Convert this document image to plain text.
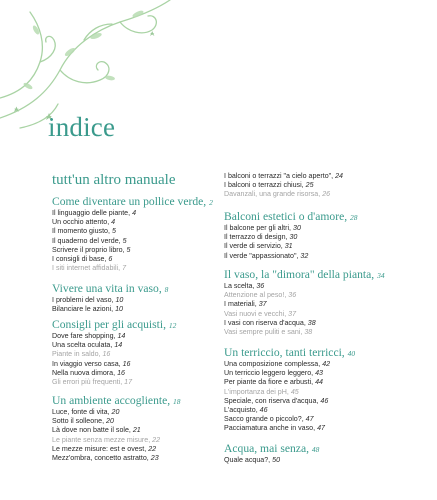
indice
tutt'un altro manuale
Come diventare un pollice verde, 2
Il linguaggio delle piante, 4
Un occhio attento, 4
Il momento giusto, 5
Il quaderno del verde, 5
Scrivere il proprio libro, 5
I consigli di base, 6
I siti internet affidabili, 7
Vivere una vita in vaso, 8
I problemi del vaso, 10
Bilanciare le azioni, 10
Consigli per gli acquisti, 12
Dove fare shopping, 14
Una scelta oculata, 14
Piante in saldo, 16
In viaggio verso casa, 16
Nella nuova dimora, 16
Gli errori più frequenti, 17
Un ambiente accogliente, 18
Luce, fonte di vita, 20
Sotto il solleone, 20
Là dove non batte il sole, 21
Le piante senza mezze misure, 22
Le mezze misure: est e ovest, 22
Mezz'ombra, concetto astratto, 23
I balconi o terrazzi "a cielo aperto", 24
I balconi o terrazzi chiusi, 25
Davanzali, una grande risorsa, 26
Balconi estetici o d'amore, 28
Il balcone per gli altri, 30
Il terrazzo di design, 30
Il verde di servizio, 31
Il verde "appassionato", 32
Il vaso, la "dimora" della pianta, 34
La scelta, 36
Attenzione al peso!, 36
I materiali, 37
Vasi nuovi e vecchi, 37
I vasi con riserva d'acqua, 38
Vasi sempre puliti e sani, 38
Un terriccio, tanti terricci, 40
Una composizione complessa, 42
Un terriccio leggero leggero, 43
Per piante da fiore e arbusti, 44
L'importanza dei pH, 45
Speciale, con riserva d'acqua, 46
L'acquisto, 46
Sacco grande o piccolo?, 47
Pacciamatura anche in vaso, 47
Acqua, mai senza, 48
Quale acqua?, 50
